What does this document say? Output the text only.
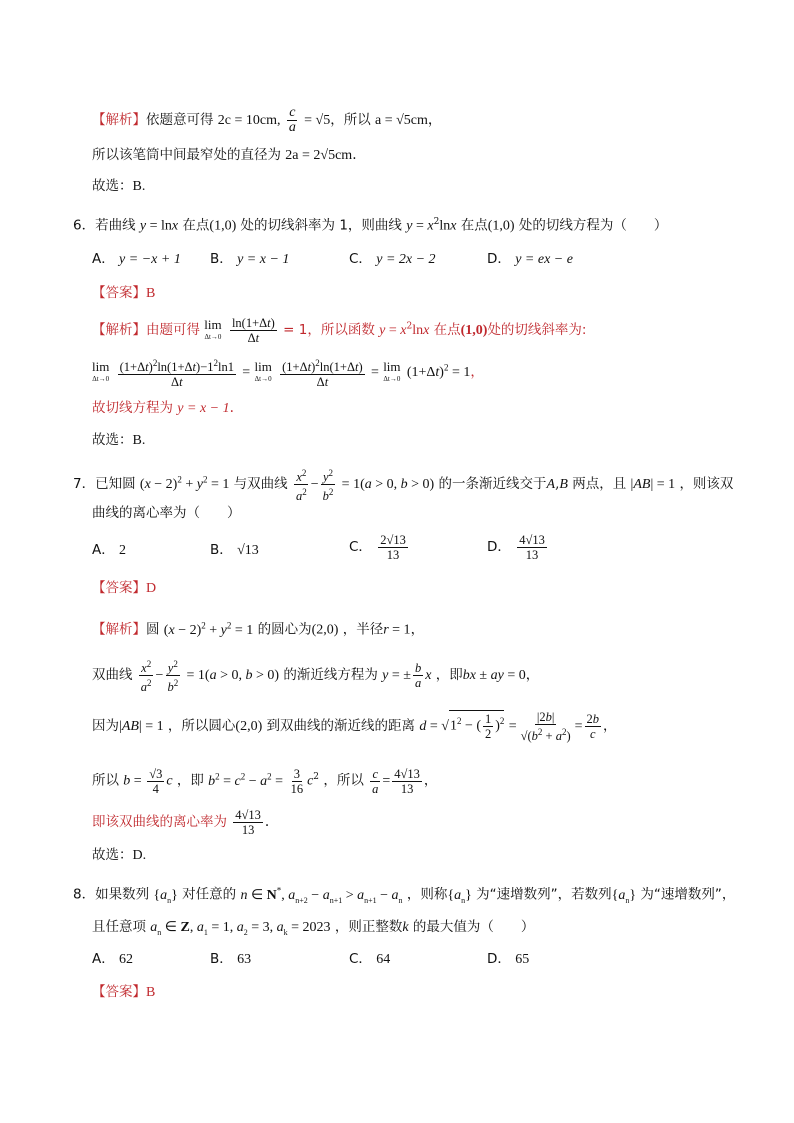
【解析】依题意可得 2c = 10cm, $\frac{c}{a} = √5$，所以 a = √5cm，
所以该笔筒中间最窄处的直径为 2a = 2√5cm.
故选：B.
6．若曲线 y = lnx 在点(1,0) 处的切线斜率为 1，则曲线 $y = x^2\ln x$ 在点(1,0) 处的切线方程为（　　）
A． y = −x + 1 B． y = x − 1	C． y = 2x − 2	D． y = ex − e
【答案】B
【解析】由题可得 lim
Δt→0
$\frac{\ln(1+\Delta t)}{\Delta t} = 1$，所以函数 $y = x^2\ln x$ 在点(1,0)处的切线斜率为:
lim
Δt→0
$\frac{(1+\Delta t)^2\ln(1+\Delta t)-1^2\ln 1}{\Delta t} = \lim$
Δt→0
$\frac{(1+\Delta t)^2\ln(1+\Delta t)}{\Delta t} = \lim$
Δt→0 $(1+\Delta t)^2 = 1$，
故切线方程为 y = x − 1.
故选：B.
7．已知圆 $(x - 2)^2 + y^2 = 1$ 与双曲线 $\frac{x^2}{a^2} - \frac{y^2}{b^2} = 1(a > 0$, b > 0) 的一条渐近线交于A,B 两点，且 |AB| = 1 ，则该双
曲线的离心率为（　　）
A． 2	B． √13	C． $\frac{2√13}{13}$	D． $\frac{4√13}{13}$
【答案】D
【解析】圆 $(x - 2)^2 + y^2 = 1$ 的圆心为(2,0) ，半径r = 1，
双曲线 $\frac{x^2}{a^2} - \frac{y^2}{b^2} = 1(a > 0$, b > 0) 的渐近线方程为 y = ± $\frac{b}{a}$ x ，即bx ± ay = 0，
因为|AB| = 1 ，所以圆心(2,0) 到双曲线的渐近线的距离 $d = √1^2$ − ( $\frac{1}{2} )^2 = \frac{|2b|}{√(b^2 + a^2)} = \frac{2b}{c}$ ，
所以 $b = \frac{√3}{4}$ c ，即 $b^2 = c^2 - a^2 = \frac{3}{16} c^2$ ，所以 $\frac{c}{a} = \frac{4√13}{13}$ ，
即该双曲线的离心率为 $\frac{4√13}{13}$ .
故选：D.
8．如果数列 $\{a_n\}$ 对任意的 n ∈ N*, $a_{n+2} - a_{n+1} > a_{n+1} - a_n$ ，则称$\{a_n\}$ 为“速增数列”，若数列$\{a_n\}$ 为“速增数列”，
且任意项 $a_n$ ∈ Z, $a_1 = 1$, $a_2 = 3$, $a_k = 2023$ ，则正整数k 的最大值为（　　）
A． 62	B． 63	C． 64	D． 65
【答案】B
